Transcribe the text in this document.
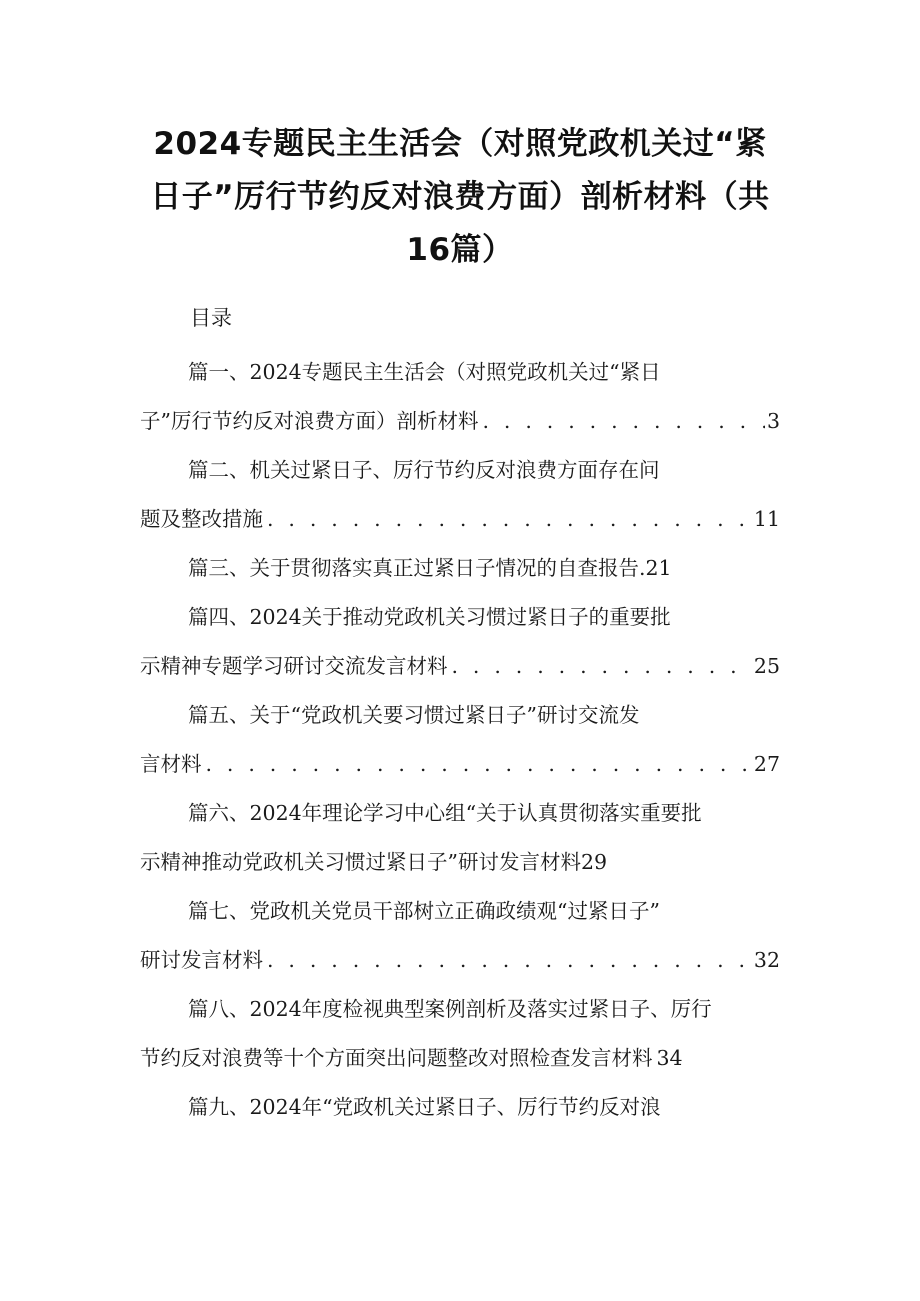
2024专题民主生活会（对照党政机关过“紧日子”厉行节约反对浪费方面）剖析材料（共16篇）
目录
篇一、2024专题民主生活会（对照党政机关过“紧日
子”厉行节约反对浪费方面）剖析材料 . . .	3
篇二、机关过紧日子、厉行节约反对浪费方面存在问
题及整改措施 . . .	11
篇三、关于贯彻落实真正过紧日子情况的自查报告. 21
篇四、2024关于推动党政机关习惯过紧日子的重要批
示精神专题学习研讨交流发言材料 . . .	25
篇五、关于“党政机关要习惯过紧日子”研讨交流发
言材料 . . .	27
篇六、2024年理论学习中心组“关于认真贯彻落实重要批
示精神推动党政机关习惯过紧日子”研讨发言材料 29
篇七、党政机关党员干部树立正确政绩观“过紧日子”
研讨发言材料 . . .	32
篇八、2024年度检视典型案例剖析及落实过紧日子、厉行
节约反对浪费等十个方面突出问题整改对照检查发言材料 34
篇九、2024年“党政机关过紧日子、厉行节约反对浪
